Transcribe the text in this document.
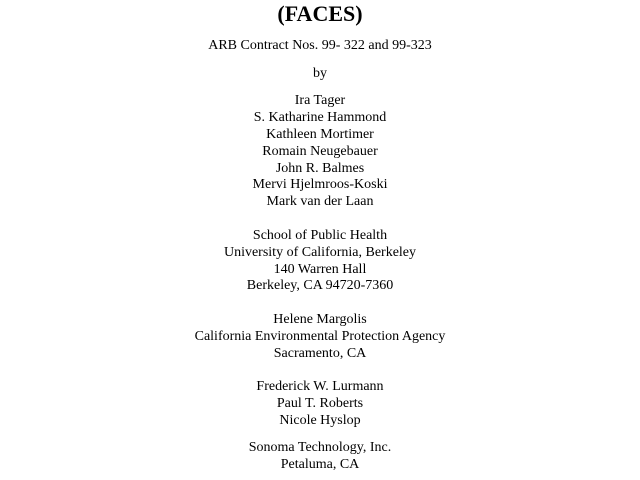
(FACES)
ARB Contract Nos. 99- 322 and 99-323
by
Ira Tager
S. Katharine Hammond
Kathleen Mortimer
Romain Neugebauer
John R. Balmes
Mervi Hjelmroos-Koski
Mark van der Laan
School of Public Health
University of California, Berkeley
140 Warren Hall
Berkeley, CA 94720-7360
Helene Margolis
California Environmental Protection Agency
Sacramento, CA
Frederick W. Lurmann
Paul T. Roberts
Nicole Hyslop
Sonoma Technology, Inc.
Petaluma, CA
